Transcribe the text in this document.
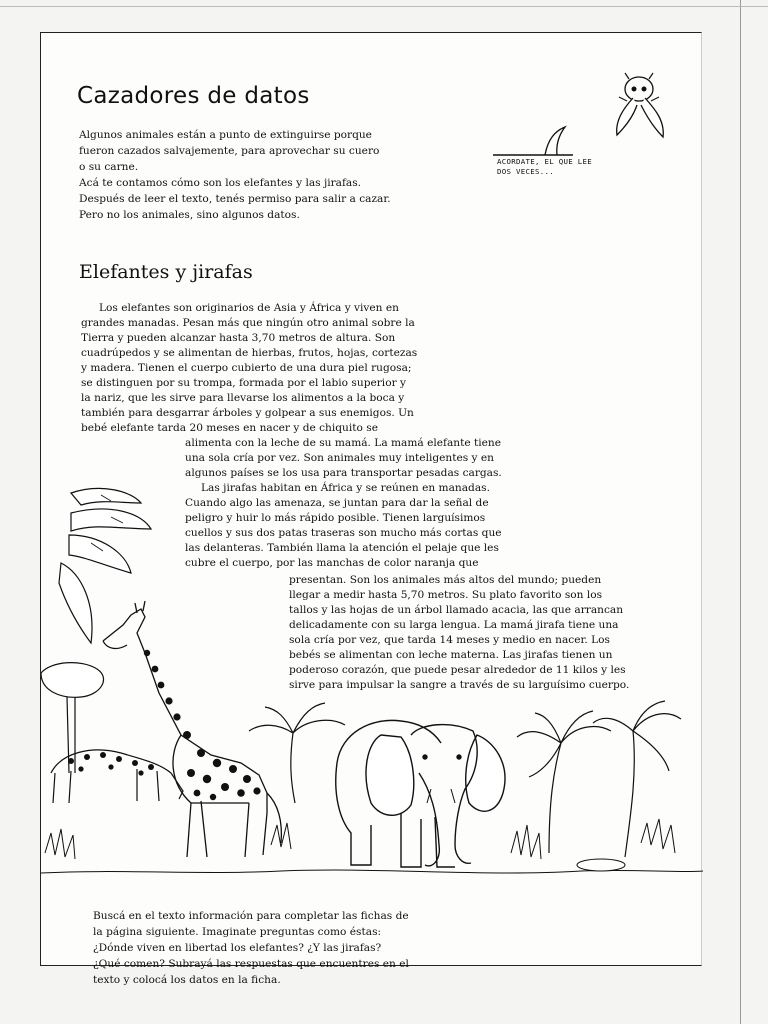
Cazadores de datos
Algunos animales están a punto de extinguirse porque
fueron cazados salvajemente, para aprovechar su cuero
o su carne.
Acá te contamos cómo son los elefantes y las jirafas.
Después de leer el texto, tenés permiso para salir a cazar.
Pero no los animales, sino algunos datos.
ACORDATE, EL QUE LEE
DOS VECES...
Elefantes y jirafas
Los elefantes son originarios de Asia y África y viven en
grandes manadas. Pesan más que ningún otro animal sobre la
Tierra y pueden alcanzar hasta 3,70 metros de altura. Son
cuadrúpedos y se alimentan de hierbas, frutos, hojas, cortezas
y madera. Tienen el cuerpo cubierto de una dura piel rugosa;
se distinguen por su trompa, formada por el labio superior y
la nariz, que les sirve para llevarse los alimentos a la boca y
también para desgarrar árboles y golpear a sus enemigos. Un
bebé elefante tarda 20 meses en nacer y de chiquito se
alimenta con la leche de su mamá. La mamá elefante tiene
una sola cría por vez. Son animales muy inteligentes y en
algunos países se los usa para transportar pesadas cargas.
Las jirafas habitan en África y se reúnen en manadas.
Cuando algo las amenaza, se juntan para dar la señal de
peligro y huir lo más rápido posible. Tienen larguísimos
cuellos y sus dos patas traseras son mucho más cortas que
las delanteras. También llama la atención el pelaje que les
cubre el cuerpo, por las manchas de color naranja que
presentan. Son los animales más altos del mundo; pueden
llegar a medir hasta 5,70 metros. Su plato favorito son los
tallos y las hojas de un árbol llamado acacia, las que arrancan
delicadamente con su larga lengua. La mamá jirafa tiene una
sola cría por vez, que tarda 14 meses y medio en nacer. Los
bebés se alimentan con leche materna. Las jirafas tienen un
poderoso corazón, que puede pesar alrededor de 11 kilos y les
sirve para impulsar la sangre a través de su larguísimo cuerpo.
Buscá en el texto información para completar las fichas de
la página siguiente. Imaginate preguntas como éstas:
¿Dónde viven en libertad los elefantes? ¿Y las jirafas?
¿Qué comen? Subrayá las respuestas que encuentres en el
texto y colocá los datos en la ficha.
